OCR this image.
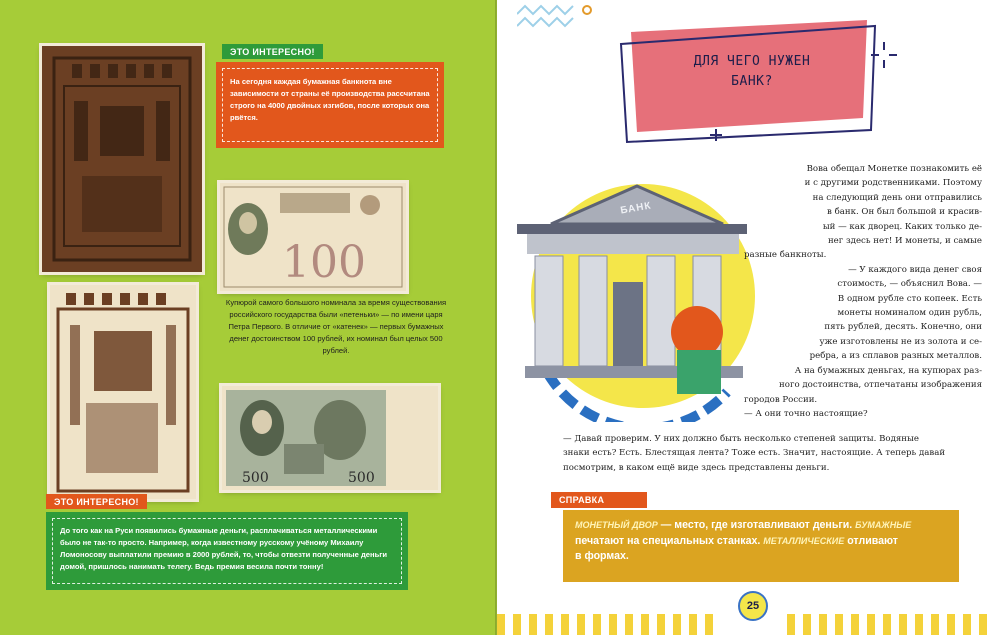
ЭТО ИНТЕРЕСНО!
На сегодня каждая бумажная банкнота вне зависимости от страны её производства рассчитана строго на 4000 двойных изгибов, после которых она рвётся.
100
Купюрой самого большого номинала за время существования российского государства были «петеньки» — по имени царя Петра Первого. В отличие от «катенек» — первых бумажных денег достоинством 100 рублей, их номинал был целых 500 рублей.
500	500
ЭТО ИНТЕРЕСНО!
До того как на Руси появились бумажные деньги, расплачиваться металлическими было не так-то просто. Например, когда известному русскому учёному Михаилу Ломоносову выплатили премию в 2000 рублей, то, чтобы отвезти полученные деньги домой, пришлось нанимать телегу. Ведь премия весила почти тонну!
ДЛЯ ЧЕГО НУЖЕН
БАНК?
БАНК

Вова обещал Монетке познакомить её

и с другими родственниками. Поэтому

на следующий день они отправились

в банк. Он был большой и красив-

ый — как дворец. Каких только де-

нег здесь нет! И монеты, и самые

разные банкноты.

— У каждого вида денег своя

стоимость, — объяснил Вова. —

В одном рубле сто копеек. Есть

монеты номиналом один рубль,

пять рублей, десять. Конечно, они

уже изготовлены не из золота и се-

ребра, а из сплавов разных металлов.

А на бумажных деньгах, на купюрах раз-

ного достоинства, отпечатаны изображения

городов России.

— А они точно настоящие?

— Давай проверим. У них должно быть несколько степеней защиты. Водяные

знаки есть? Есть. Блестящая лента? Тоже есть. Значит, настоящие. А теперь давай

посмотрим, в каком ещё виде здесь представлены деньги.

СПРАВКА
МОНЕТНЫЙ ДВОР — место, где изготавливают деньги. БУМАЖНЫЕ
печатают на специальных станках. МЕТАЛЛИЧЕСКИЕ отливают
в формах.
25
